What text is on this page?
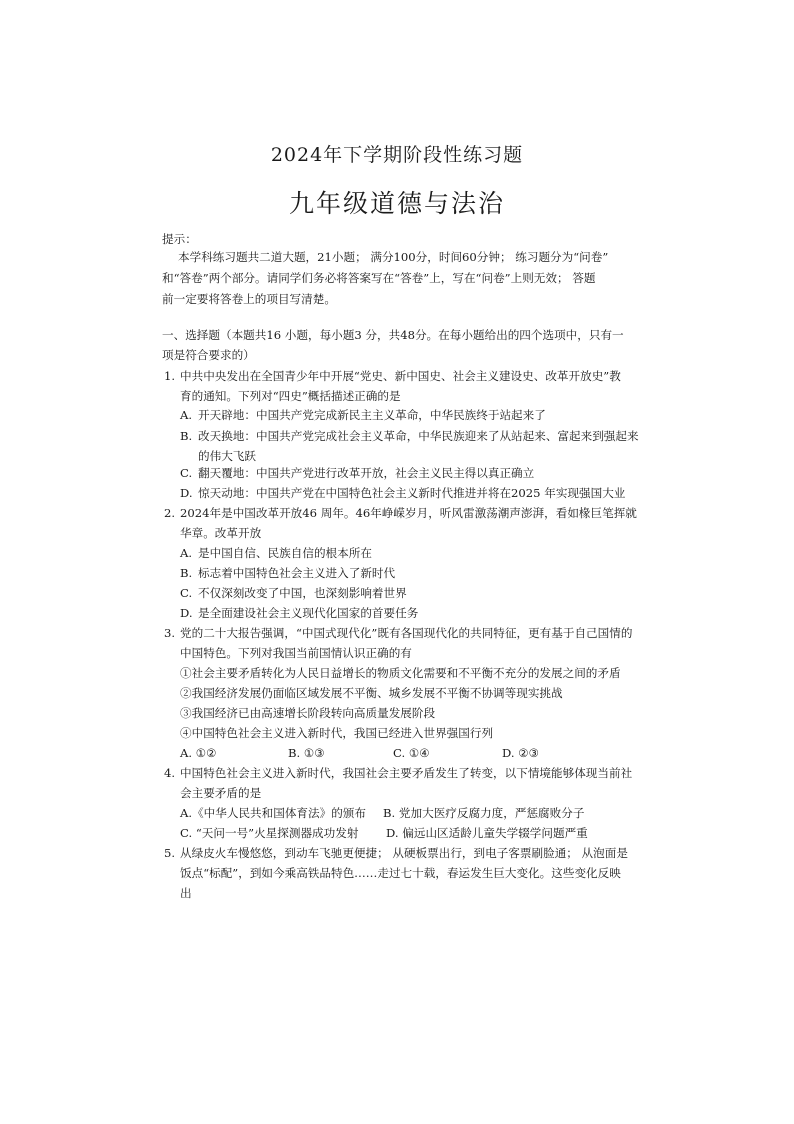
2024年下学期阶段性练习题
九年级道德与法治
提示：
本学科练习题共二道大题，21小题； 满分100分，时间60分钟； 练习题分为“问卷”
和“答卷”两个部分。请同学们务必将答案写在“答卷”上，写在“问卷”上则无效； 答题
前一定要将答卷上的项目写清楚。
一、选择题（本题共16 小题，每小题3 分，共48分。在每小题给出的四个选项中，只有一
项是符合要求的）
1. 中共中央发出在全国青少年中开展“党史、新中国史、社会主义建设史、改革开放史”教
育的通知。下列对“四史”概括描述正确的是
A. 开天辟地：中国共产党完成新民主主义革命，中华民族终于站起来了
B. 改天换地：中国共产党完成社会主义革命，中华民族迎来了从站起来、富起来到强起来
的伟大飞跃
C. 翻天覆地：中国共产党进行改革开放，社会主义民主得以真正确立
D. 惊天动地：中国共产党在中国特色社会主义新时代推进并将在2025 年实现强国大业
2. 2024年是中国改革开放46 周年。46年峥嵘岁月，听风雷激荡潮声澎湃，看如椽巨笔挥就
华章。改革开放
A. 是中国自信、民族自信的根本所在
B. 标志着中国特色社会主义进入了新时代
C. 不仅深刻改变了中国，也深刻影响着世界
D. 是全面建设社会主义现代化国家的首要任务
3. 党的二十大报告强调，“中国式现代化”既有各国现代化的共同特征，更有基于自己国情的
中国特色。下列对我国当前国情认识正确的有
①社会主要矛盾转化为人民日益增长的物质文化需要和不平衡不充分的发展之间的矛盾
②我国经济发展仍面临区域发展不平衡、城乡发展不平衡不协调等现实挑战
③我国经济已由高速增长阶段转向高质量发展阶段
④中国特色社会主义进入新时代，我国已经进入世界强国行列
A. ①②	B. ①③	C. ①④	D. ②③
4. 中国特色社会主义进入新时代，我国社会主要矛盾发生了转变，以下情境能够体现当前社
会主要矛盾的是
A.《中华人民共和国体育法》的颁布 B. 党加大医疗反腐力度，严惩腐败分子
C. “天问一号”火星探测器成功发射 D. 偏远山区适龄儿童失学辍学问题严重
5. 从绿皮火车慢悠悠，到动车飞驰更便捷； 从硬板票出行，到电子客票刷脸通； 从泡面是
饭点“标配”，到如今乘高铁品特色……走过七十载，春运发生巨大变化。这些变化反映
出
